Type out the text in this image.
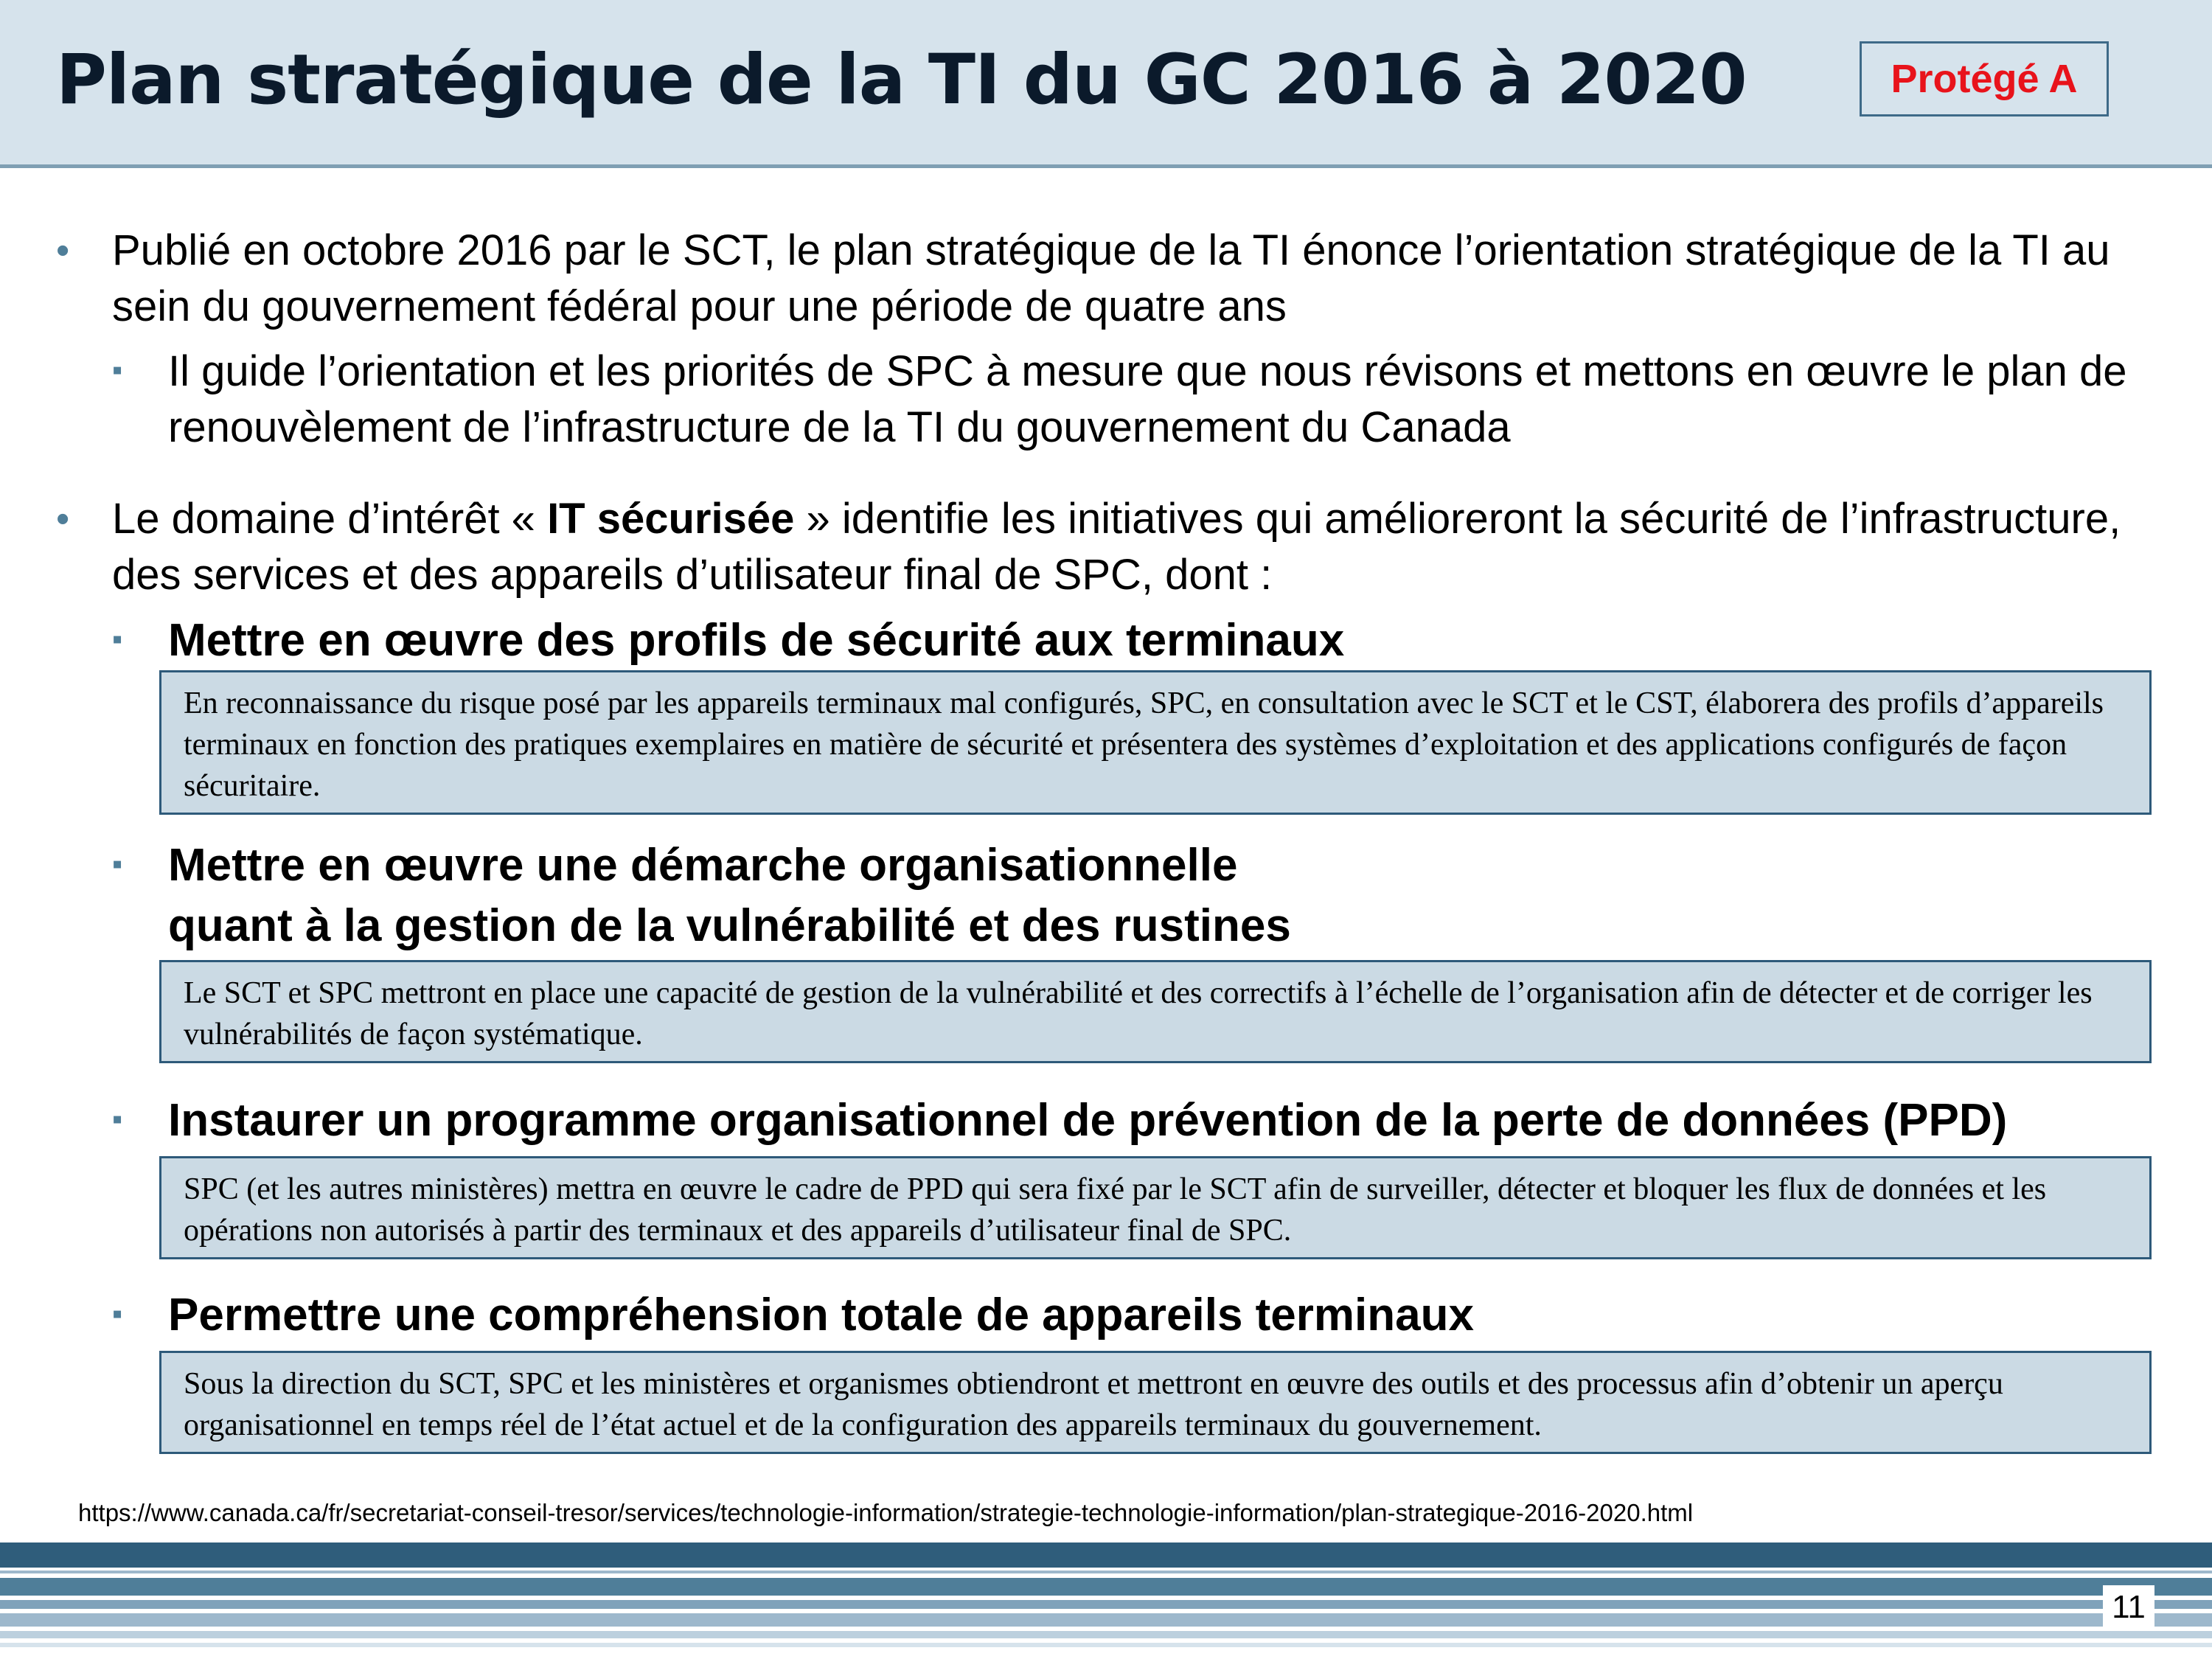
Plan stratégique de la TI du GC 2016 à 2020	Protégé A
• Publié en octobre 2016 par le SCT, le plan stratégique de la TI énonce l’orientation stratégique de la TI au sein du gouvernement fédéral pour une période de quatre ans
▪ Il guide l’orientation et les priorités de SPC à mesure que nous révisons et mettons en œuvre le plan de renouvèlement de l’infrastructure de la TI du gouvernement du Canada
• Le domaine d’intérêt « IT sécurisée » identifie les initiatives qui amélioreront la sécurité de l’infrastructure, des services et des appareils d’utilisateur final de SPC, dont :
▪ Mettre en œuvre des profils de sécurité aux terminaux
En reconnaissance du risque posé par les appareils terminaux mal configurés, SPC, en consultation avec le SCT et le CST, élaborera des profils d’appareils terminaux en fonction des pratiques exemplaires en matière de sécurité et présentera des systèmes d’exploitation et des applications configurés de façon sécuritaire.
▪ Mettre en œuvre une démarche organisationnelle
quant à la gestion de la vulnérabilité et des rustines
Le SCT et SPC mettront en place une capacité de gestion de la vulnérabilité et des correctifs à l’échelle de l’organisation afin de détecter et de corriger les vulnérabilités de façon systématique.
▪ Instaurer un programme organisationnel de prévention de la perte de données (PPD)
SPC (et les autres ministères) mettra en œuvre le cadre de PPD qui sera fixé par le SCT afin de surveiller, détecter et bloquer les flux de données et les opérations non autorisés à partir des terminaux et des appareils d’utilisateur final de SPC.
▪ Permettre une compréhension totale de appareils terminaux
Sous la direction du SCT, SPC et les ministères et organismes obtiendront et mettront en œuvre des outils et des processus afin d’obtenir un aperçu organisationnel en temps réel de l’état actuel et de la configuration des appareils terminaux du gouvernement.
https://www.canada.ca/fr/secretariat-conseil-tresor/services/technologie-information/strategie-technologie-information/plan-strategique-2016-2020.html
11
